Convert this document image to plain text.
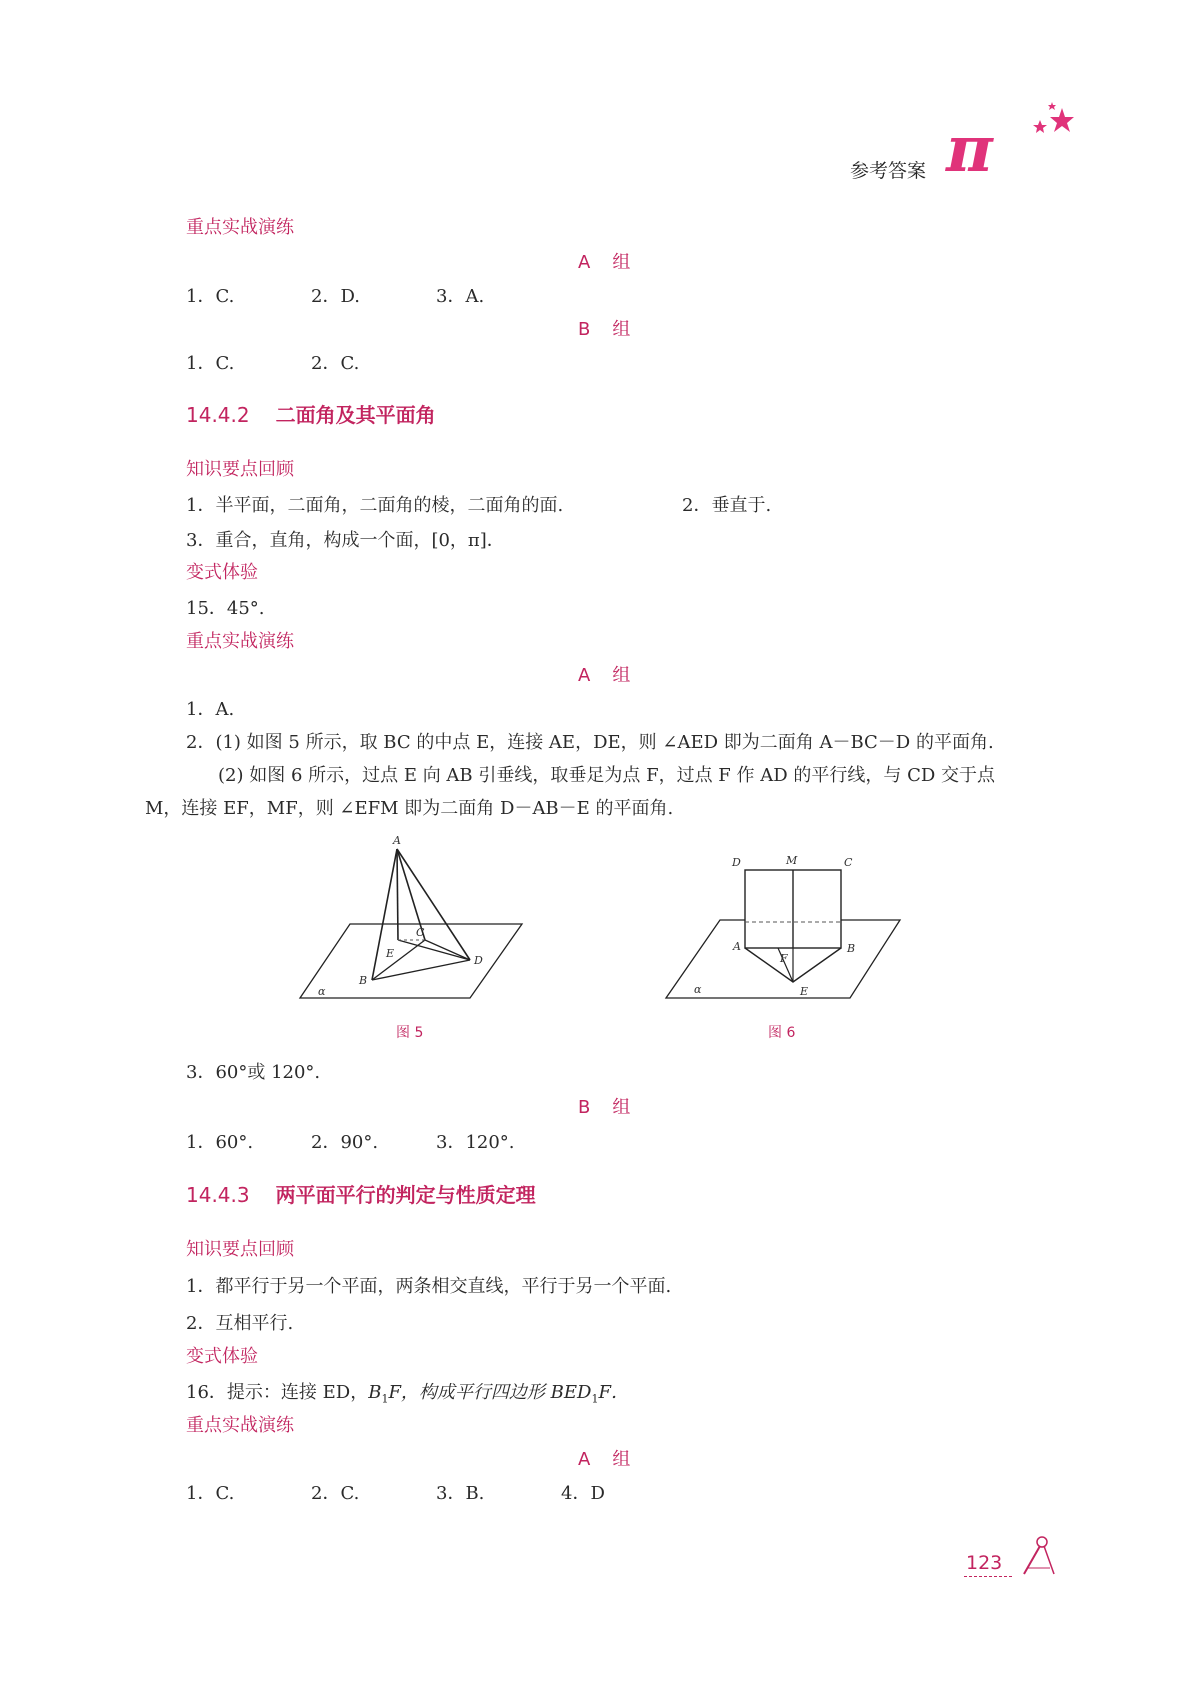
参考答案 π
重点实战演练
A　组
1．C.	2．D.	3．A.
B　组
1．C.	2．C.
14.4.2 二面角及其平面角
知识要点回顾
1．半平面，二面角，二面角的棱，二面角的面.	2．垂直于.
3．重合，直角，构成一个面，[0，π]．
变式体验
15．45°.
重点实战演练
A　组
1．A.
2．(1) 如图 5 所示，取 BC 的中点 E，连接 AE，DE，则 ∠AED 即为二面角 A－BC－D 的平面角.
(2) 如图 6 所示，过点 E 向 AB 引垂线，取垂足为点 F，过点 F 作 AD 的平行线，与 CD 交于点
M，连接 EF，MF，则 ∠EFM 即为二面角 D－AB－E 的平面角.
A
C
E
D
B
α
图 5
D	M	C
A
F
B
E
α
图 6
3．60°或 120°.
B　组
1．60°.	2．90°.	3．120°.
14.4.3 两平面平行的判定与性质定理
知识要点回顾
1．都平行于另一个平面，两条相交直线，平行于另一个平面.
2．互相平行.
变式体验
16．提示：连接 ED，$B_1F$，构成平行四边形 $BED_1F$．
重点实战演练
A　组
1．C.	2．C.	3．B.	4．D
123
